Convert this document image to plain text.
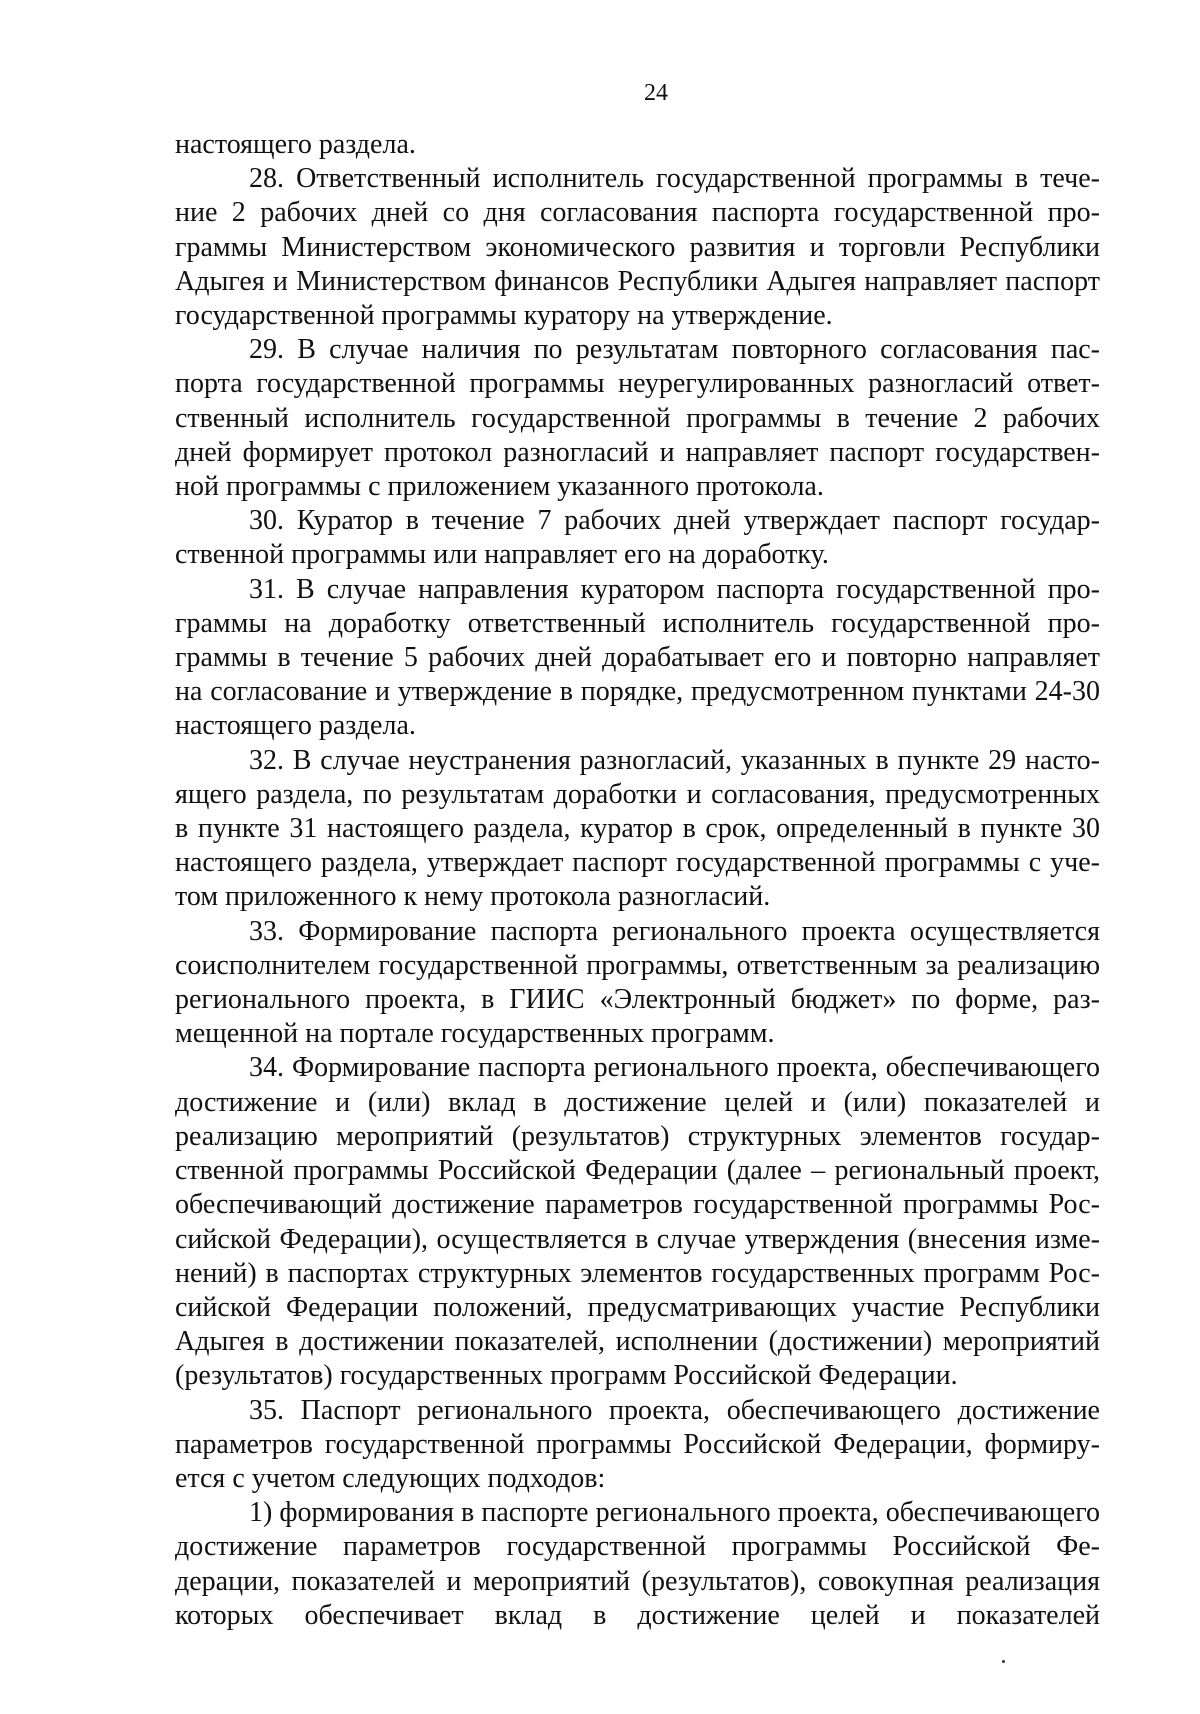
24

настоящего раздела.

28. Ответственный исполнитель государственной программы в течение 2 рабочих дней со дня согласования паспорта государственной программы Министерством экономического развития и торговли Республики Адыгея и Министерством финансов Республики Адыгея направляет паспорт государственной программы куратору на утверждение.

29. В случае наличия по результатам повторного согласования паспорта государственной программы неурегулированных разногласий ответственный исполнитель государственной программы в течение 2 рабочих дней формирует протокол разногласий и направляет паспорт государственной программы с приложением указанного протокола.

30. Куратор в течение 7 рабочих дней утверждает паспорт государственной программы или направляет его на доработку.

31. В случае направления куратором паспорта государственной программы на доработку ответственный исполнитель государственной программы в течение 5 рабочих дней дорабатывает его и повторно направляет на согласование и утверждение в порядке, предусмотренном пунктами 24-30 настоящего раздела.

32. В случае неустранения разногласий, указанных в пункте 29 настоящего раздела, по результатам доработки и согласования, предусмотренных в пункте 31 настоящего раздела, куратор в срок, определенный в пункте 30 настоящего раздела, утверждает паспорт государственной программы с учетом приложенного к нему протокола разногласий.

33. Формирование паспорта регионального проекта осуществляется соисполнителем государственной программы, ответственным за реализацию регионального проекта, в ГИИС «Электронный бюджет» по форме, размещенной на портале государственных программ.

34. Формирование паспорта регионального проекта, обеспечивающего достижение и (или) вклад в достижение целей и (или) показателей и реализацию мероприятий (результатов) структурных элементов государственной программы Российской Федерации (далее – региональный проект, обеспечивающий достижение параметров государственной программы Российской Федерации), осуществляется в случае утверждения (внесения изменений) в паспортах структурных элементов государственных программ Российской Федерации положений, предусматривающих участие Республики Адыгея в достижении показателей, исполнении (достижении) мероприятий (результатов) государственных программ Российской Федерации.

35. Паспорт регионального проекта, обеспечивающего достижение параметров государственной программы Российской Федерации, формируется с учетом следующих подходов:

1) формирования в паспорте регионального проекта, обеспечивающего достижение параметров государственной программы Российской Федерации, показателей и мероприятий (результатов), совокупная реализация которых обеспечивает вклад в достижение целей и показателей
